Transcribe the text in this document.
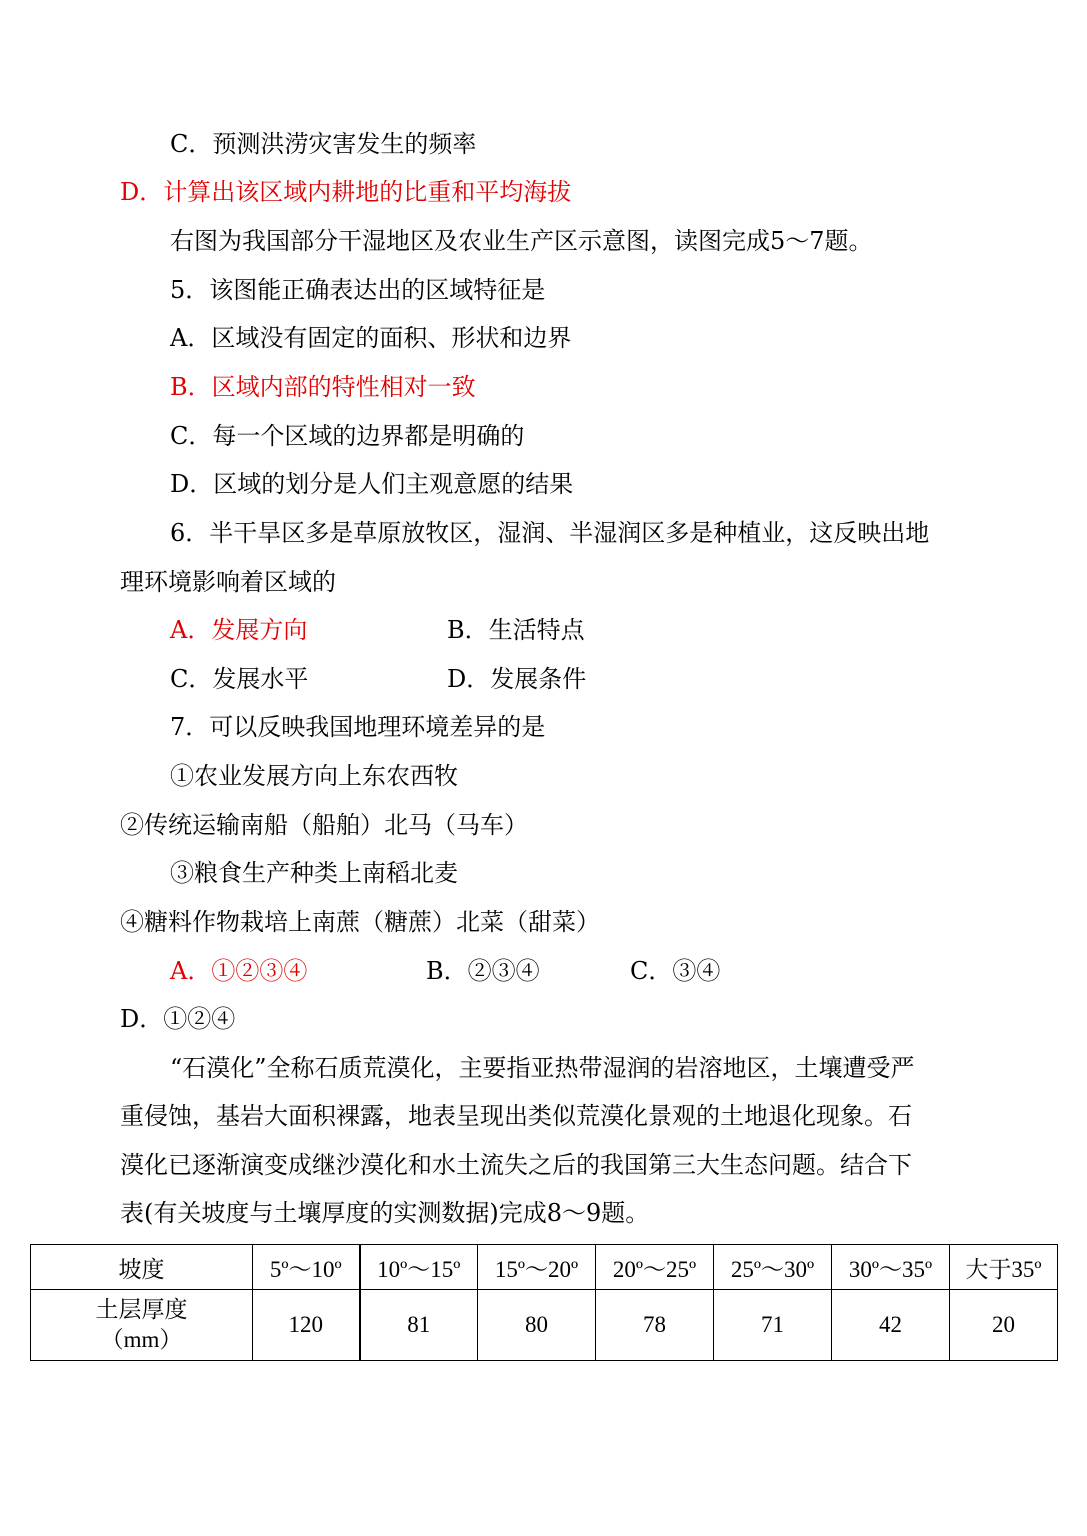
C．预测洪涝灾害发生的频率
D．计算出该区域内耕地的比重和平均海拔
右图为我国部分干湿地区及农业生产区示意图，读图完成5～7题。
5．该图能正确表达出的区域特征是
A．区域没有固定的面积、形状和边界
B．区域内部的特性相对一致
C．每一个区域的边界都是明确的
D．区域的划分是人们主观意愿的结果
6．半干旱区多是草原放牧区，湿润、半湿润区多是种植业，这反映出地
理环境影响着区域的
A．发展方向	B．生活特点
C．发展水平	D．发展条件
7．可以反映我国地理环境差异的是
①农业发展方向上东农西牧
②传统运输南船（船舶）北马（马车）
③粮食生产种类上南稻北麦
④糖料作物栽培上南蔗（糖蔗）北菜（甜菜）
A．①②③④	B．②③④	C．③④
D．①②④
“石漠化”全称石质荒漠化，主要指亚热带湿润的岩溶地区，土壤遭受严
重侵蚀，基岩大面积裸露，地表呈现出类似荒漠化景观的土地退化现象。石
漠化已逐渐演变成继沙漠化和水土流失之后的我国第三大生态问题。结合下
表(有关坡度与土壤厚度的实测数据)完成8～9题。
坡度	5º～10º	10º～15º	15º～20º	20º～25º	25º～30º	30º～35º	大于35º

土层厚度
（mm）	120	81	80	78	71	42	20
